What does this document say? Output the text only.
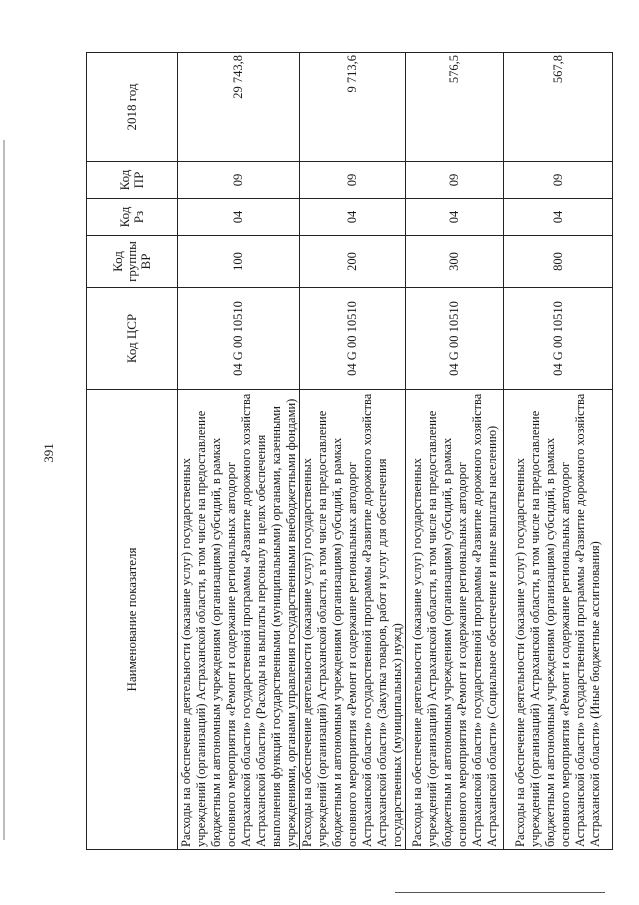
391
Наименование показателя	Код ЦСР	Код группы ВР	Код Рз	Код ПР	2018 год
Расходы на обеспечение деятельности (оказание услуг) государственных учреждений (организаций) Астраханской области, в том числе на предоставление бюджетным и автономным учреждениям (организациям) субсидий, в рамках основного мероприятия «Ремонт и содержание региональных автодорог Астраханской области» государственной программы «Развитие дорожного хозяйства Астраханской области» (Расходы на выплаты персоналу в целях обеспечения выполнения функций государственными (муниципальными) органами, казенными учреждениями, органами управления государственными внебюджетными фондами)	04 G 00 10510	100	04	09	29 743,8
Расходы на обеспечение деятельности (оказание услуг) государственных учреждений (организаций) Астраханской области, в том числе на предоставление бюджетным и автономным учреждениям (организациям) субсидий, в рамках основного мероприятия «Ремонт и содержание региональных автодорог Астраханской области» государственной программы «Развитие дорожного хозяйства Астраханской области» (Закупка товаров, работ и услуг для обеспечения государственных (муниципальных) нужд)	04 G 00 10510	200	04	09	9 713,6
Расходы на обеспечение деятельности (оказание услуг) государственных учреждений (организаций) Астраханской области, в том числе на предоставление бюджетным и автономным учреждениям (организациям) субсидий, в рамках основного мероприятия «Ремонт и содержание региональных автодорог Астраханской области» государственной программы «Развитие дорожного хозяйства Астраханской области» (Социальное обеспечение и иные выплаты населению)	04 G 00 10510	300	04	09	576,5
Расходы на обеспечение деятельности (оказание услуг) государственных учреждений (организаций) Астраханской области, в том числе на предоставление бюджетным и автономным учреждениям (организациям) субсидий, в рамках основного мероприятия «Ремонт и содержание региональных автодорог Астраханской области» государственной программы «Развитие дорожного хозяйства Астраханской области» (Иные бюджетные ассигнования)	04 G 00 10510	800	04	09	567,8
